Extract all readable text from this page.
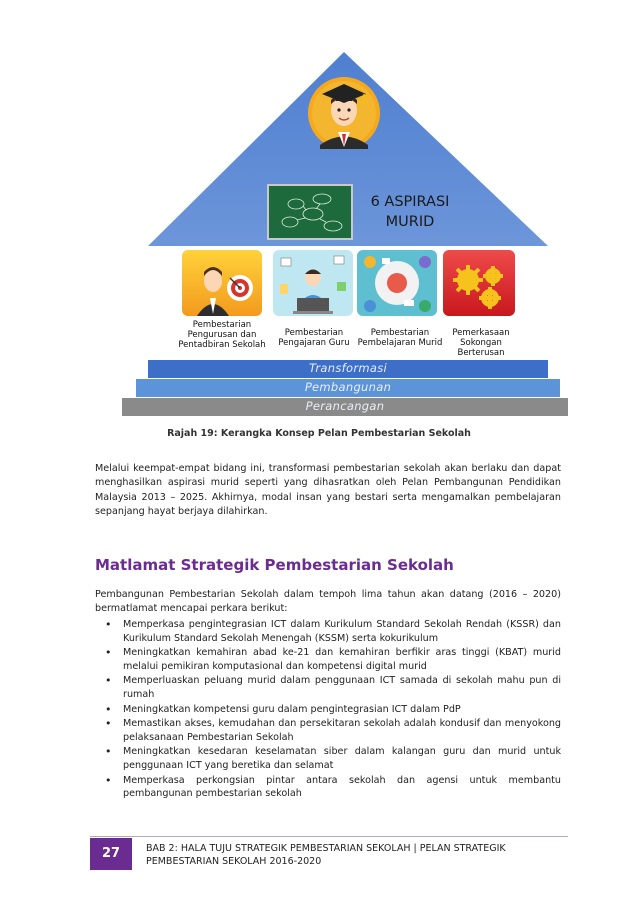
6 ASPIRASI
MURID
Pembestarian Pengurusan dan Pentadbiran Sekolah
Pembestarian Pengajaran Guru
Pembestarian Pembelajaran Murid
Pemerkasaan Sokongan Berterusan
Transformasi
Pembangunan
Perancangan
Rajah 19: Kerangka Konsep Pelan Pembestarian Sekolah

Melalui keempat-empat bidang ini, transformasi pembestarian sekolah akan berlaku dan dapat menghasilkan aspirasi murid seperti yang dihasratkan oleh Pelan Pembangunan Pendidikan Malaysia 2013 – 2025. Akhirnya, modal insan yang bestari serta mengamalkan pembelajaran sepanjang hayat berjaya dilahirkan.

Matlamat Strategik Pembestarian Sekolah

Pembangunan Pembestarian Sekolah dalam tempoh lima tahun akan datang (2016 – 2020) bermatlamat mencapai perkara berikut:

• Memperkasa pengintegrasian ICT dalam Kurikulum Standard Sekolah Rendah (KSSR) dan Kurikulum Standard Sekolah Menengah (KSSM) serta kokurikulum
• Meningkatkan kemahiran abad ke-21 dan kemahiran berfikir aras tinggi (KBAT) murid melalui pemikiran komputasional dan kompetensi digital murid
• Memperluaskan peluang murid dalam penggunaan ICT samada di sekolah mahu pun di rumah
• Meningkatkan kompetensi guru dalam pengintegrasian ICT dalam PdP
• Memastikan akses, kemudahan dan persekitaran sekolah adalah kondusif dan menyokong pelaksanaan Pembestarian Sekolah
• Meningkatkan kesedaran keselamatan siber dalam kalangan guru dan murid untuk penggunaan ICT yang beretika dan selamat
• Memperkasa perkongsian pintar antara sekolah dan agensi untuk membantu pembangunan pembestarian sekolah
27	BAB 2: HALA TUJU STRATEGIK PEMBESTARIAN SEKOLAH | PELAN STRATEGIK PEMBESTARIAN SEKOLAH 2016-2020
